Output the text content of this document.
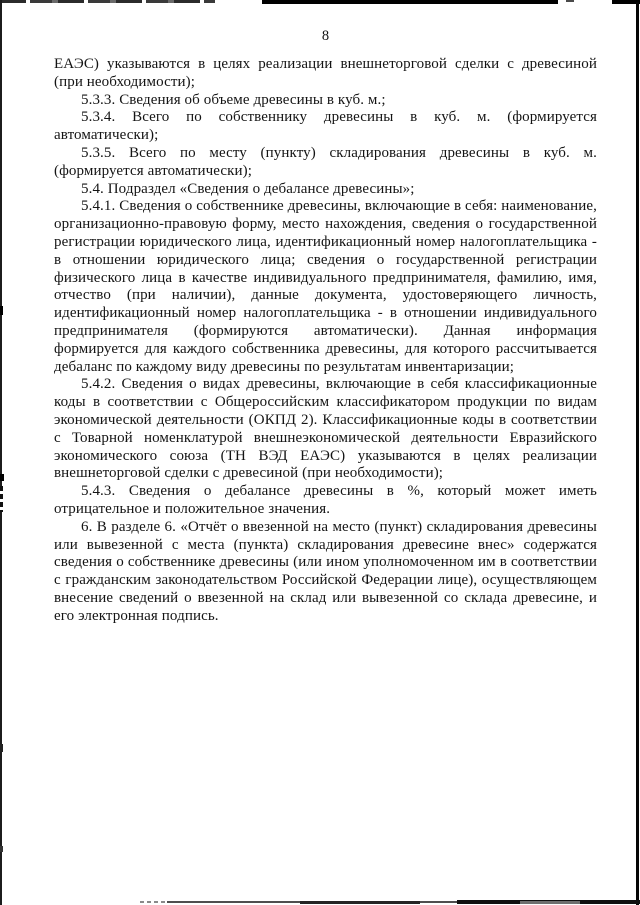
8

ЕАЭС) указываются в целях реализации внешнеторговой сделки с древесиной (при необходимости);

5.3.3. Сведения об объеме древесины в куб. м.;

5.3.4. Всего по собственнику древесины в куб. м. (формируется автоматически);

5.3.5. Всего по месту (пункту) складирования древесины в куб. м. (формируется автоматически);

5.4. Подраздел «Сведения о дебалансе древесины»;

5.4.1. Сведения о собственнике древесины, включающие в себя: наименование, организационно-правовую форму, место нахождения, сведения о государственной регистрации юридического лица, идентификационный номер налогоплательщика - в отношении юридического лица; сведения о государственной регистрации физического лица в качестве индивидуального предпринимателя, фамилию, имя, отчество (при наличии), данные документа, удостоверяющего личность, идентификационный номер налогоплательщика - в отношении индивидуального предпринимателя (формируются автоматически). Данная информация формируется для каждого собственника древесины, для которого рассчитывается дебаланс по каждому виду древесины по результатам инвентаризации;

5.4.2. Сведения о видах древесины, включающие в себя классификационные коды в соответствии с Общероссийским классификатором продукции по видам экономической деятельности (ОКПД 2). Классификационные коды в соответствии с Товарной номенклатурой внешнеэкономической деятельности Евразийского экономического союза (ТН ВЭД ЕАЭС) указываются в целях реализации внешнеторговой сделки с древесиной (при необходимости);

5.4.3. Сведения о дебалансе древесины в %, который может иметь отрицательное и положительное значения.

6. В разделе 6. «Отчёт о ввезенной на место (пункт) складирования древесины или вывезенной с места (пункта) складирования древесине внес» содержатся сведения о собственнике древесины (или ином уполномоченном им в соответствии с гражданским законодательством Российской Федерации лице), осуществляющем внесение сведений о ввезенной на склад или вывезенной со склада древесине, и его электронная подпись.
